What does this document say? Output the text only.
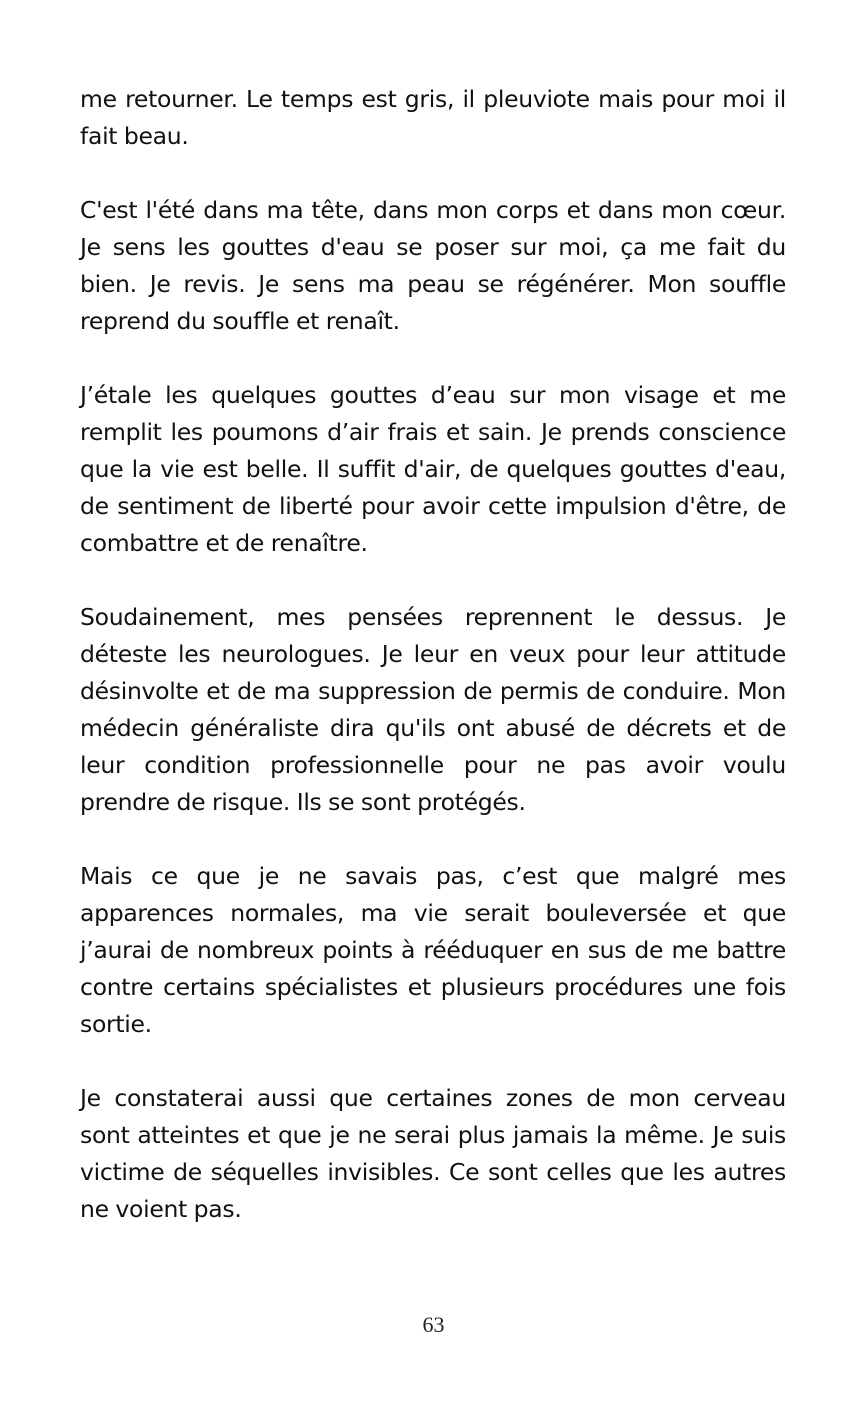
me retourner. Le temps est gris, il pleuviote mais pour moi il fait beau.

C'est l'été dans ma tête, dans mon corps et dans mon cœur. Je sens les gouttes d'eau se poser sur moi, ça me fait du bien. Je revis. Je sens ma peau se régénérer. Mon souffle reprend du souffle et renaît.

J’étale les quelques gouttes d’eau sur mon visage et me remplit les poumons d’air frais et sain. Je prends conscience que la vie est belle. Il suffit d'air, de quelques gouttes d'eau, de sentiment de liberté pour avoir cette impulsion d'être, de combattre et de renaître.

Soudainement, mes pensées reprennent le dessus. Je déteste les neurologues. Je leur en veux pour leur attitude désinvolte et de ma suppression de permis de conduire. Mon médecin généraliste dira qu'ils ont abusé de décrets et de leur condition professionnelle pour ne pas avoir voulu prendre de risque. Ils se sont protégés.

Mais ce que je ne savais pas, c’est que malgré mes apparences normales, ma vie serait bouleversée et que j’aurai de nombreux points à rééduquer en sus de me battre contre certains spécialistes et plusieurs procédures une fois sortie.

Je constaterai aussi que certaines zones de mon cerveau sont atteintes et que je ne serai plus jamais la même. Je suis victime de séquelles invisibles. Ce sont celles que les autres ne voient pas.

63
